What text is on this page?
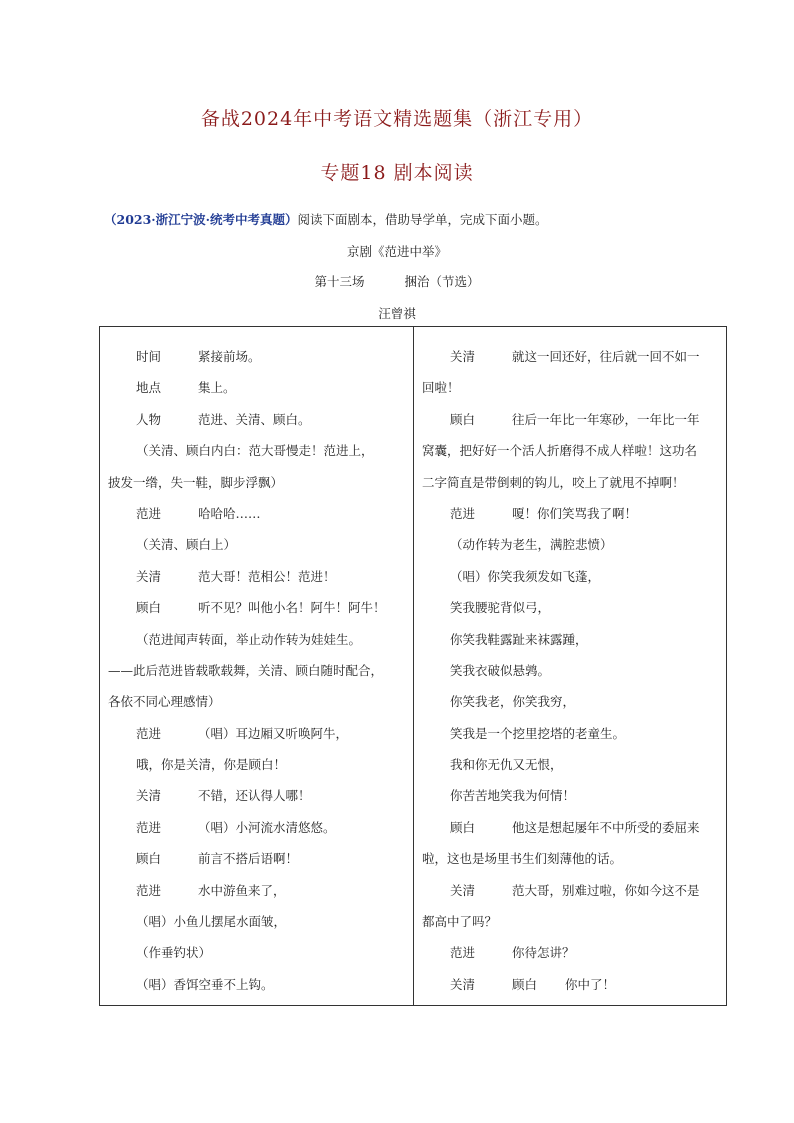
备战2024年中考语文精选题集（浙江专用）
专题18 剧本阅读
（2023·浙江宁波·统考中考真题）阅读下面剧本，借助导学单，完成下面小题。
京剧《范进中举》
第十三场	捆治（节选）
汪曾祺
时间	紧接前场。
地点	集上。
人物	范进、关清、顾白。
（关清、顾白内白：范大哥慢走！范进上，
披发一绺，失一鞋，脚步浮飘）
范进	哈哈哈……
（关清、顾白上）
关清	范大哥！范相公！范进！
顾白	听不见？叫他小名！阿牛！阿牛！
（范进闻声转面，举止动作转为娃娃生。
——此后范进皆载歌载舞，关清、顾白随时配合，
各依不同心理感情）
范进	（唱）耳边厢又听唤阿牛，
哦，你是关清，你是顾白！
关清	不错，还认得人哪！
范进	（唱）小河流水清悠悠。
顾白	前言不搭后语啊！
范进	水中游鱼来了，
（唱）小鱼儿摆尾水面皱，
（作垂钓状）
（唱）香饵空垂不上钩。
关清	就这一回还好，往后就一回不如一
回啦！
顾白	往后一年比一年寒砂，一年比一年
窝囊，把好好一个活人折磨得不成人样啦！这功名
二字简直是带倒刺的钩儿，咬上了就甩不掉啊！
范进	嗄！你们笑骂我了啊！
（动作转为老生，满腔悲愤）
（唱）你笑我须发如飞蓬，
笑我腰驼背似弓，
你笑我鞋露趾来袜露踵，
笑我衣破似悬鹑。
你笑我老，你笑我穷，
笑我是一个挖里挖塔的老童生。
我和你无仇又无恨，
你苦苦地笑我为何情！
顾白	他这是想起屡年不中所受的委屈来
啦，这也是场里书生们刻薄他的话。
关清	范大哥，别难过啦，你如今这不是
都高中了吗？
范进	你待怎讲？
关清	顾白 你中了！
